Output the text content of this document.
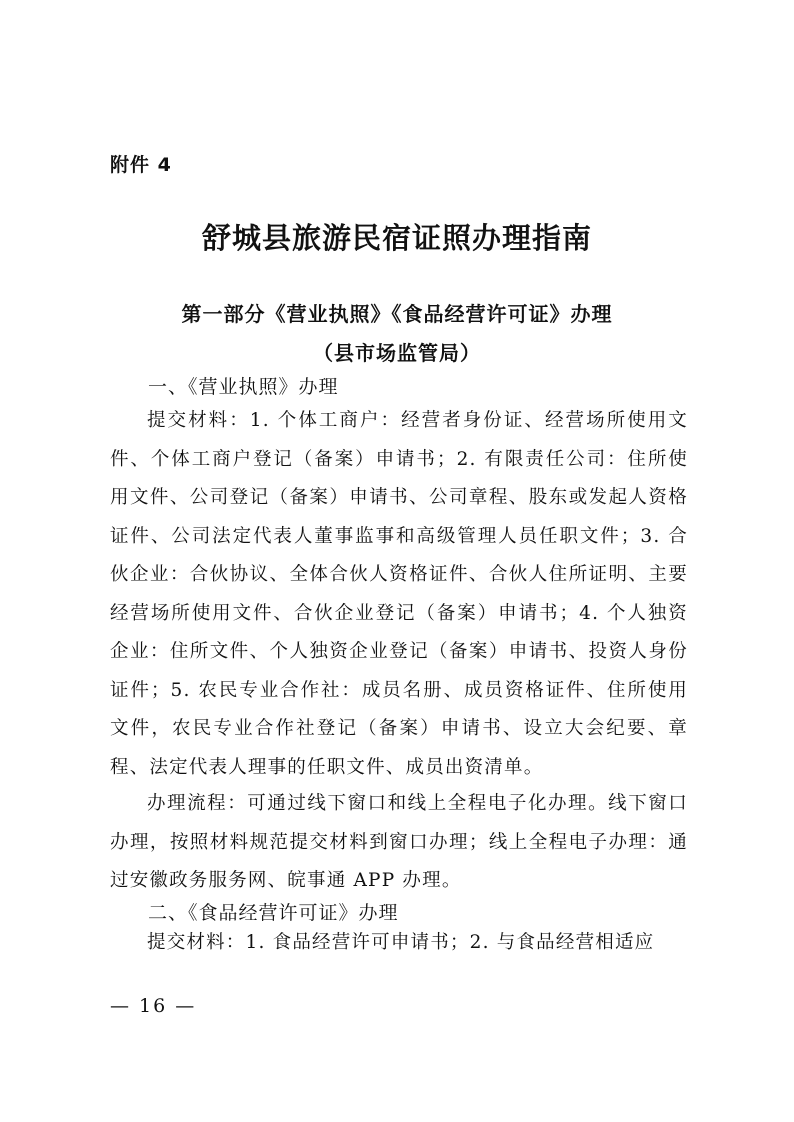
附件 4
舒城县旅游民宿证照办理指南
第一部分《营业执照》《食品经营许可证》办理
（县市场监管局）
一、《营业执照》办理

提交材料：1. 个体工商户：经营者身份证、经营场所使用文件、个体工商户登记（备案）申请书；2. 有限责任公司：住所使用文件、公司登记（备案）申请书、公司章程、股东或发起人资格证件、公司法定代表人董事监事和高级管理人员任职文件；3. 合伙企业：合伙协议、全体合伙人资格证件、合伙人住所证明、主要经营场所使用文件、合伙企业登记（备案）申请书；4. 个人独资企业：住所文件、个人独资企业登记（备案）申请书、投资人身份证件；5. 农民专业合作社：成员名册、成员资格证件、住所使用文件，农民专业合作社登记（备案）申请书、设立大会纪要、章程、法定代表人理事的任职文件、成员出资清单。

办理流程：可通过线下窗口和线上全程电子化办理。线下窗口办理，按照材料规范提交材料到窗口办理；线上全程电子办理：通过安徽政务服务网、皖事通 APP 办理。

二、《食品经营许可证》办理

提交材料：1. 食品经营许可申请书；2. 与食品经营相适应

— 16 —
